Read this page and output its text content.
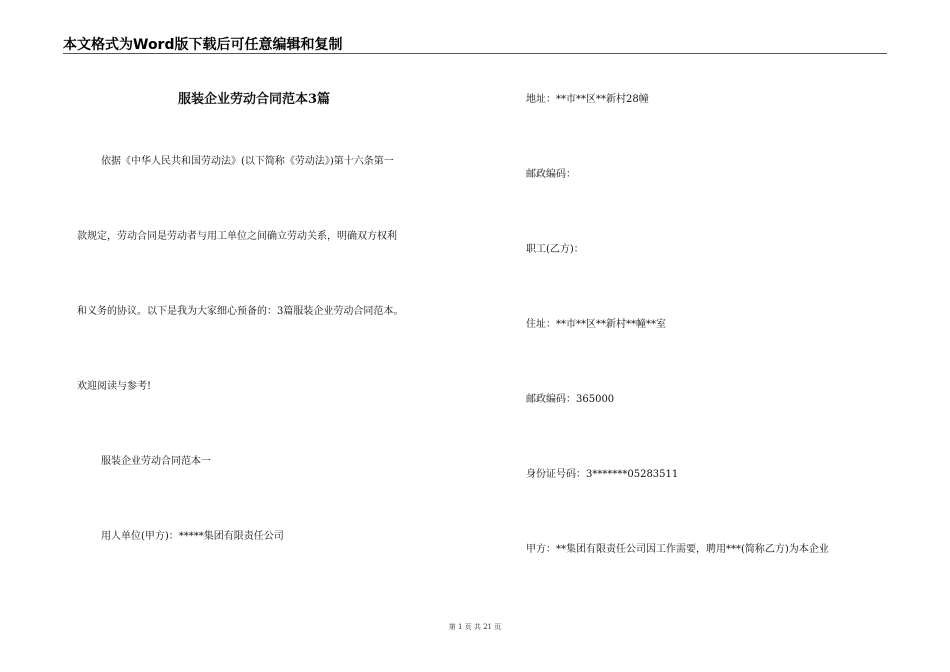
本文格式为Word版下载后可任意编辑和复制
服装企业劳动合同范本3篇
依据《中华人民共和国劳动法》(以下简称《劳动法》)第十六条第一
款规定，劳动合同是劳动者与用工单位之间确立劳动关系，明确双方权利
和义务的协议。以下是我为大家细心预备的：3篇服装企业劳动合同范本。
欢迎阅读与参考!
服装企业劳动合同范本一
用人单位(甲方)：*****集团有限责任公司
地址：**市**区**新村28幢
邮政编码：
职工(乙方)：
住址：**市**区**新村**幢**室
邮政编码：365000
身份证号码：3*******05283511
甲方：**集团有限责任公司因工作需要，聘用***(简称乙方)为本企业
第 1 页 共 21 页
